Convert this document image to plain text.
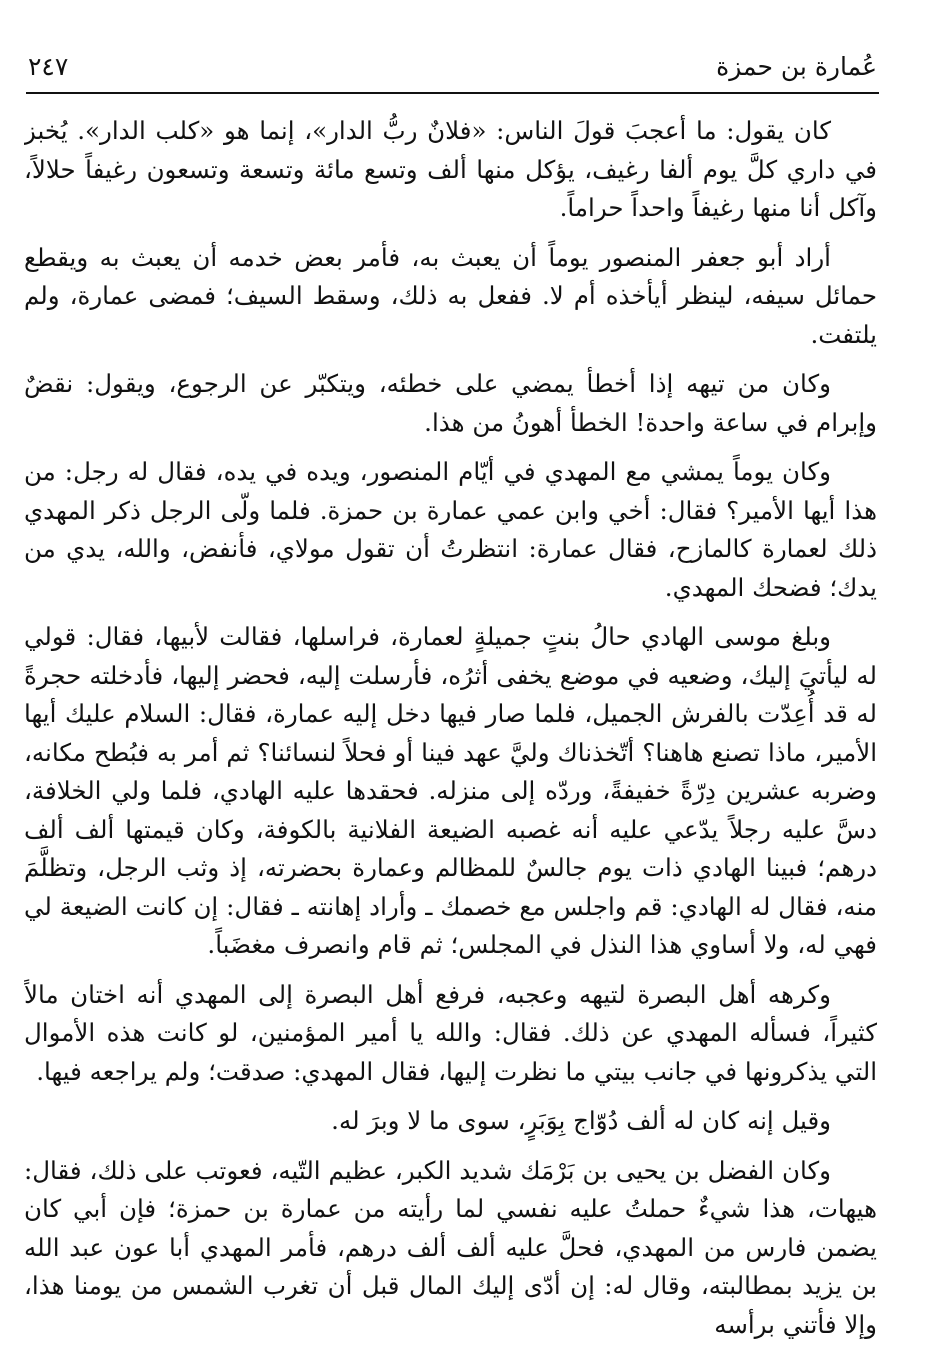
عُمارة بن حمزة
٢٤٧

كان يقول: ما أعجبَ قولَ الناس: «فلانٌ ربُّ الدار»، إنما هو «كلب الدار». يُخبز في داري كلَّ يوم ألفا رغيف، يؤكل منها ألف وتسع مائة وتسعة وتسعون رغيفاً حلالاً، وآكل أنا منها رغيفاً واحداً حراماً.

أراد أبو جعفر المنصور يوماً أن يعبث به، فأمر بعض خدمه أن يعبث به ويقطع حمائل سيفه، لينظر أيأخذه أم لا. ففعل به ذلك، وسقط السيف؛ فمضى عمارة، ولم يلتفت.

وكان من تيهه إذا أخطأ يمضي على خطئه، ويتكبّر عن الرجوع، ويقول: نقضٌ وإبرام في ساعة واحدة! الخطأ أهونُ من هذا.

وكان يوماً يمشي مع المهدي في أيّام المنصور، ويده في يده، فقال له رجل: من هذا أيها الأمير؟ فقال: أخي وابن عمي عمارة بن حمزة. فلما ولّى الرجل ذكر المهدي ذلك لعمارة كالمازح، فقال عمارة: انتظرتُ أن تقول مولاي، فأنفض، والله، يدي من يدك؛ فضحك المهدي.

وبلغ موسى الهادي حالُ بنتٍ جميلةٍ لعمارة، فراسلها، فقالت لأبيها، فقال: قولي له ليأتيَ إليك، وضعيه في موضع يخفى أثرُه، فأرسلت إليه، فحضر إليها، فأدخلته حجرةً له قد أُعِدّت بالفرش الجميل، فلما صار فيها دخل إليه عمارة، فقال: السلام عليك أيها الأمير، ماذا تصنع هاهنا؟ أتّخذناك وليَّ عهد فينا أو فحلاً لنسائنا؟ ثم أمر به فبُطح مكانه، وضربه عشرين دِرّةً خفيفةً، وردّه إلى منزله. فحقدها عليه الهادي، فلما ولي الخلافة، دسَّ عليه رجلاً يدّعي عليه أنه غصبه الضيعة الفلانية بالكوفة، وكان قيمتها ألف ألف درهم؛ فبينا الهادي ذات يوم جالسٌ للمظالم وعمارة بحضرته، إذ وثب الرجل، وتظلَّمَ منه، فقال له الهادي: قم واجلس مع خصمك ـ وأراد إهانته ـ فقال: إن كانت الضيعة لي فهي له، ولا أساوي هذا النذل في المجلس؛ ثم قام وانصرف مغضَباً.

وكرهه أهل البصرة لتيهه وعجبه، فرفع أهل البصرة إلى المهدي أنه اختان مالاً كثيراً، فسأله المهدي عن ذلك. فقال: والله يا أمير المؤمنين، لو كانت هذه الأموال التي يذكرونها في جانب بيتي ما نظرت إليها، فقال المهدي: صدقت؛ ولم يراجعه فيها.

وقيل إنه كان له ألف دُوّاج بِوَبَرٍ، سوى ما لا وبرَ له.

وكان الفضل بن يحيى بن بَرْمَك شديد الكبر، عظيم التّيه، فعوتب على ذلك، فقال: هيهات، هذا شيءٌ حملتُ عليه نفسي لما رأيته من عمارة بن حمزة؛ فإن أبي كان يضمن فارس من المهدي، فحلَّ عليه ألف ألف درهم، فأمر المهدي أبا عون عبد الله بن يزيد بمطالبته، وقال له: إن أدّى إليك المال قبل أن تغرب الشمس من يومنا هذا، وإلا فأتني برأسه
